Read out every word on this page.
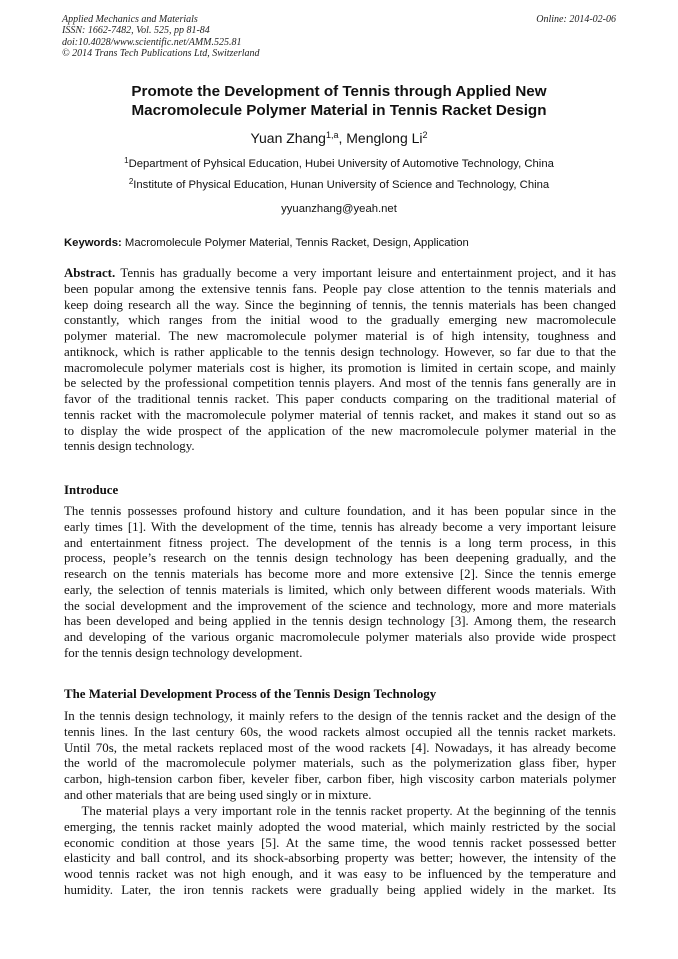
Applied Mechanics and Materials
ISSN: 1662-7482, Vol. 525, pp 81-84
doi:10.4028/www.scientific.net/AMM.525.81
© 2014 Trans Tech Publications Ltd, Switzerland
Online: 2014-02-06
Promote the Development of Tennis through Applied New
Macromolecule Polymer Material in Tennis Racket Design
Yuan Zhang$^{1,a}$, Menglong Li$^2$
$^1$Department of Pyhsical Education, Hubei University of Automotive Technology, China
$^2$Institute of Physical Education, Hunan University of Science and Technology, China
yyuanzhang@yeah.net
Keywords: Macromolecule Polymer Material, Tennis Racket, Design, Application
Abstract. Tennis has gradually become a very important leisure and entertainment project, and it has
been popular among the extensive tennis fans. People pay close attention to the tennis materials and
keep doing research all the way. Since the beginning of tennis, the tennis materials has been changed
constantly, which ranges from the initial wood to the gradually emerging new macromolecule
polymer material. The new macromolecule polymer material is of high intensity, toughness and
antiknock, which is rather applicable to the tennis design technology. However, so far due to that the
macromolecule polymer materials cost is higher, its promotion is limited in certain scope, and mainly
be selected by the professional competition tennis players. And most of the tennis fans generally are in
favor of the traditional tennis racket. This paper conducts comparing on the traditional material of
tennis racket with the macromolecule polymer material of tennis racket, and makes it stand out so as
to display the wide prospect of the application of the new macromolecule polymer material in the
tennis design technology.
Introduce
The tennis possesses profound history and culture foundation, and it has been popular since in the
early times [1]. With the development of the time, tennis has already become a very important leisure
and entertainment fitness project. The development of the tennis is a long term process, in this
process, people’s research on the tennis design technology has been deepening gradually, and the
research on the tennis materials has become more and more extensive [2]. Since the tennis emerge
early, the selection of tennis materials is limited, which only between different woods materials. With
the social development and the improvement of the science and technology, more and more materials
has been developed and being applied in the tennis design technology [3]. Among them, the research
and developing of the various organic macromolecule polymer materials also provide wide prospect
for the tennis design technology development.
The Material Development Process of the Tennis Design Technology
In the tennis design technology, it mainly refers to the design of the tennis racket and the design of the
tennis lines. In the last century 60s, the wood rackets almost occupied all the tennis racket markets.
Until 70s, the metal rackets replaced most of the wood rackets [4]. Nowadays, it has already become
the world of the macromolecule polymer materials, such as the polymerization glass fiber, hyper
carbon, high-tension carbon fiber, keveler fiber, carbon fiber, high viscosity carbon materials polymer
and other materials that are being used singly or in mixture.
The material plays a very important role in the tennis racket property. At the beginning of the tennis
emerging, the tennis racket mainly adopted the wood material, which mainly restricted by the social
economic condition at those years [5]. At the same time, the wood tennis racket possessed better
elasticity and ball control, and its shock-absorbing property was better; however, the intensity of the
wood tennis racket was not high enough, and it was easy to be influenced by the temperature and
humidity. Later, the iron tennis rackets were gradually being applied widely in the market. Its
